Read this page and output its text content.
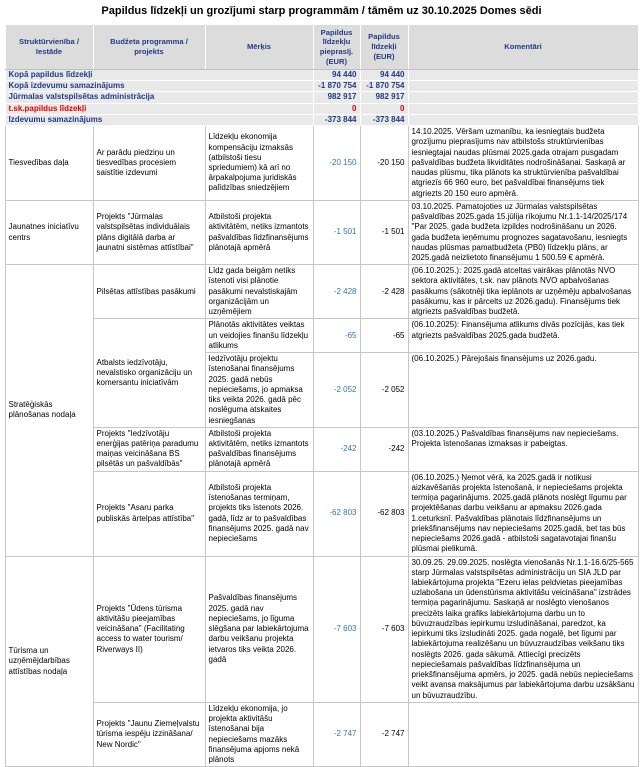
Papildus līdzekļi un grozījumi starp programmām / tāmēm uz 30.10.2025 Domes sēdi
Struktūrvienība / Iestāde	Budžeta programma / projekts	Mērķis	Papildus līdzekļu pieprasīj. (EUR)	Papildus līdzekļi (EUR)	Komentāri
Kopā papildus līdzekļi			94 440	94 440	
Kopā izdevumu samazinājums			-1 870 754	-1 870 754	
Jūrmalas valstspilsētas administrācija			982 917	982 917	
t.sk.papildus līdzekļi			0	0	
Izdevumu samazinājums			-373 844	-373 844	
Tiesvedības daļa	Ar parādu piedziņu un tiesvedības procesiem saistītie izdevumi	Līdzekļu ekonomija kompensāciju izmaksās (atbilstoši tiesu spriedumiem) kā arī no ārpakalpojuma juridiskās palīdzības sniedzējiem	-20 150	-20 150	14.10.2025. Vēršam uzmanību, ka iesniegtais budžeta grozījumu pieprasījums nav atbilstošs struktūrvienības iesniegtajai naudas plūsmai 2025.gada otrajam pusgadam pašvaldības budžeta likviditātes nodrošināšanai. Saskaņā ar naudas plūsmu, tika plānots ka struktūrvienība pašvaldībai atgriezīs 66 960 euro, bet pašvaldībai finansējums tiek atgriezts 20 150 euro apmērā.
Jaunatnes iniciatīvu centrs	Projekts "Jūrmalas valstspilsētas individuālais plāns digitālā darba ar jaunatni sistēmas attīstībai"	Atbilstoši projekta aktivitātēm, netiks izmantots pašvaldības līdzfinansējums plānotajā apmērā	-1 501	-1 501	03.10.2025. Pamatojoties uz Jūrmalas valstspilsētas pašvaldības 2025.gada 15.jūlija rīkojumu Nr.1.1-14/2025/174 "Par 2025. gada budžeta izpildes nodrošināšanu un 2026. gada budžeta ieņēmumu prognozes sagatavošanu, iesniegts naudas plūsmas pamatbudžeta (PB0) līdzekļu plāns, ar 2025.gadā neizlietoto finansējumu 1 500.59 € apmērā.
Stratēģiskās plānošanas nodaļa	Pilsētas attīstības pasākumi	Līdz gada beigām netiks īstenoti visi plānotie pasākumi nevalstiskajām organizācijām un uzņēmējiem	-2 428	-2 428	(06.10.2025.): 2025.gadā atceltas vairākas plānotās NVO sektora aktivitātes, t.sk. nav plānots NVO apbalvošanas pasākums (sākotnēji tika ieplānots ar uzņēmēju apbalvošanas pasākumu, kas ir pārcelts uz 2026.gadu). Finansējums tiek atgriezts pašvaldības budžetā.
	Atbalsts iedzīvotāju, nevalstisko organizāciju un komersantu iniciatīvām	Plānotās aktivitātes veiktas un veidojies finanšu līdzekļu atlikums	-65	-65	(06.10.2025): Finansējuma atlikums divās pozīcijās, kas tiek atgriezts pašvaldības 2025.gada budžetā.
		Iedzīvotāju projektu īstenošanai finansējums 2025. gadā nebūs nepieciešams, jo apmaksa tiks veikta 2026. gadā pēc noslēguma atskaites iesniegšanas	-2 052	-2 052	(06.10.2025.) Pārejošais finansējums uz 2026.gadu.
	Projekts "Iedzīvotāju enerģijas patēriņa paradumu maiņas veicināšana BS pilsētās un pašvaldībās"	Atbilstoši projekta aktivitātēm, netiks izmantots pašvaldības finansējums plānotajā apmērā	-242	-242	(03.10.2025.) Pašvaldības finansējums nav nepieciešams. Projekta īstenošanas izmaksas ir pabeigtas.
	Projekts "Asaru parka publiskās ārtelpas attīstība"	Atbilstoši projekta īstenošanas termiņam, projekts tiks īstenots 2026. gadā, līdz ar to pašvaldības finansējums 2025. gadā nav nepieciešams	-62 803	-62 803	(06.10.2025.) Ņemot vērā, ka 2025.gadā ir notikusi aizkavēšanās projekta īstenošanā, ir nepieciešams projekta termiņa pagarinājums. 2025.gadā plānots noslēgt līgumu par projektēšanas darbu veikšanu ar apmaksu 2026.gada 1.ceturksnī. Pašvaldības plānotais līdzfinansējums un priekšfinansējums nav nepieciešams 2025.gadā, bet tas būs nepieciešams 2026.gadā - atbilstoši sagatavotajai finanšu plūsmai pielikumā.
Tūrisma un uzņēmējdarbības attīstības nodaļa	Projekts "Ūdens tūrisma aktivitāšu pieejamības veicināšana" (Facilitating access to water tourism/ Riverways II)	Pašvaldības finansējums 2025. gadā nav nepieciešams, jo līguma slēgšana par labiekārtojuma darbu veikšanu projekta ietvaros tiks veikta 2026. gadā	-7 603	-7 603	30.09.25. 29.09.2025. noslēgta vienošanās Nr.1.1-16.6/25-565 starp Jūrmalas valstspilsētas administrāciju un SIA JLD par labiekārtojuma projekta "Ezeru ielas peldvietas pieejamības uzlabošana un ūdenstūrisma aktivitāšu veicināšana" izstrādes termiņa pagarinājumu. Saskaņā ar noslēgto vienošanos precizēts laika grafiks labiekārtojuma darbu un to būvuzraudzības iepirkumu izsludināšanai, paredzot, ka iepirkumi tiks izsludināti 2025. gada nogalē, bet līgumi par labiekārtojuma realizēšanu un būvuzraudzības veikšanu tiks noslēgts 2026. gada sākumā. Attiecīgi precizēts nepieciešamais pašvaldības līdzfinansējuma un priekšfinansējuma apmērs, jo 2025. gadā nebūs nepieciešams veikt avansa maksājumus par labiekārtojuma darbu uzsākšanu un būvuzraudzību.
	Projekts "Jaunu Ziemeļvalstu tūrisma iespēju izzināšana/ New Nordic"	Līdzekļu ekonomija, jo projekta aktivitāšu īstenošanai bija nepieciešams mazāks finansējuma apjoms nekā plānots	-2 747	-2 747	
